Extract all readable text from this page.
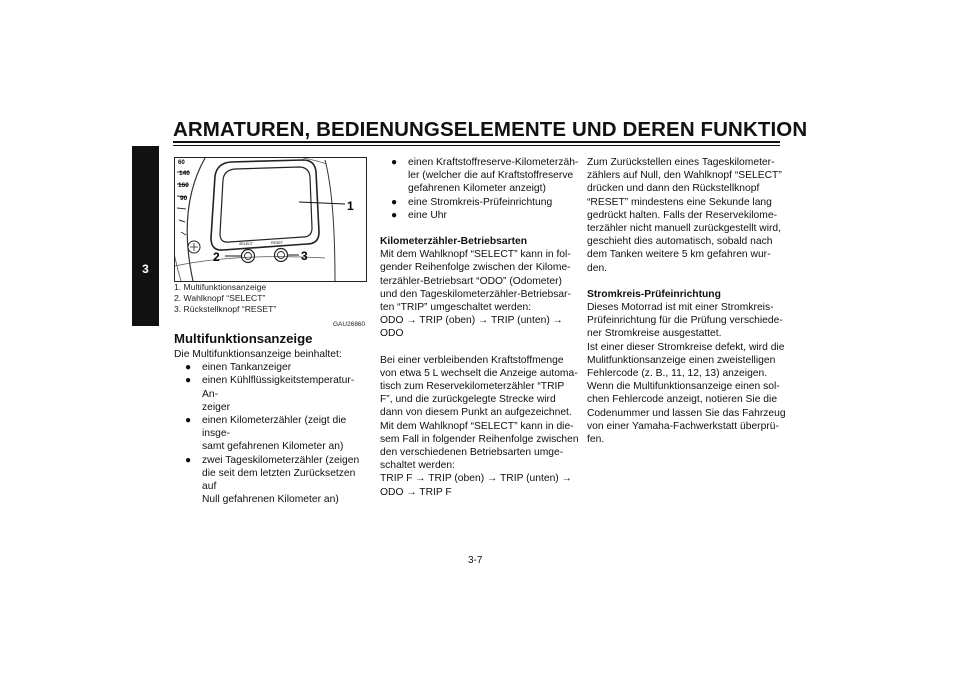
ARMATUREN, BEDIENUNGSELEMENTE UND DEREN FUNKTION
3
60
140
160
90
1
SELECT	RESET
2	3
1. Multifunktionsanzeige
2. Wahlknopf “SELECT”
3. Rückstellknopf “RESET”
GAU26860

Multifunktionsanzeige

Die Multifunktionsanzeige beinhaltet:

● einen Tankanzeiger
● einen Kühlflüssigkeitstemperatur-An-
zeiger
● einen Kilometerzähler (zeigt die insge-
samt gefahrenen Kilometer an)
● zwei Tageskilometerzähler (zeigen
die seit dem letzten Zurücksetzen auf
Null gefahrenen Kilometer an)
● einen Kraftstoffreserve-Kilometerzäh-
ler (welcher die auf Kraftstoffreserve
gefahrenen Kilometer anzeigt)
● eine Stromkreis-Prüfeinrichtung
● eine Uhr

Kilometerzähler-Betriebsarten

Mit dem Wahlknopf “SELECT” kann in fol-
gender Reihenfolge zwischen der Kilome-
terzähler-Betriebsart “ODO” (Odometer)
und den Tageskilometerzähler-Betriebsar-
ten “TRIP” umgeschaltet werden:
ODO → TRIP (oben) → TRIP (unten) →
ODO

Bei einer verbleibenden Kraftstoffmenge
von etwa 5 L wechselt die Anzeige automa-
tisch zum Reservekilometerzähler “TRIP
F”, und die zurückgelegte Strecke wird
dann von diesem Punkt an aufgezeichnet.
Mit dem Wahlknopf “SELECT” kann in die-
sem Fall in folgender Reihenfolge zwischen
den verschiedenen Betriebsarten umge-
schaltet werden:
TRIP F → TRIP (oben) → TRIP (unten) →
ODO → TRIP F

Zum Zurückstellen eines Tageskilometer-
zählers auf Null, den Wahlknopf “SELECT”
drücken und dann den Rückstellknopf
“RESET” mindestens eine Sekunde lang
gedrückt halten. Falls der Reservekilome-
terzähler nicht manuell zurückgestellt wird,
geschieht dies automatisch, sobald nach
dem Tanken weitere 5 km gefahren wur-
den.

Stromkreis-Prüfeinrichtung

Dieses Motorrad ist mit einer Stromkreis-
Prüfeinrichtung für die Prüfung verschiede-
ner Stromkreise ausgestattet.
Ist einer dieser Stromkreise defekt, wird die
Mulitfunktionsanzeige einen zweistelligen
Fehlercode (z. B., 11, 12, 13) anzeigen.
Wenn die Multifunktionsanzeige einen sol-
chen Fehlercode anzeigt, notieren Sie die
Codenummer und lassen Sie das Fahrzeug
von einer Yamaha-Fachwerkstatt überprü-
fen.

3-7
